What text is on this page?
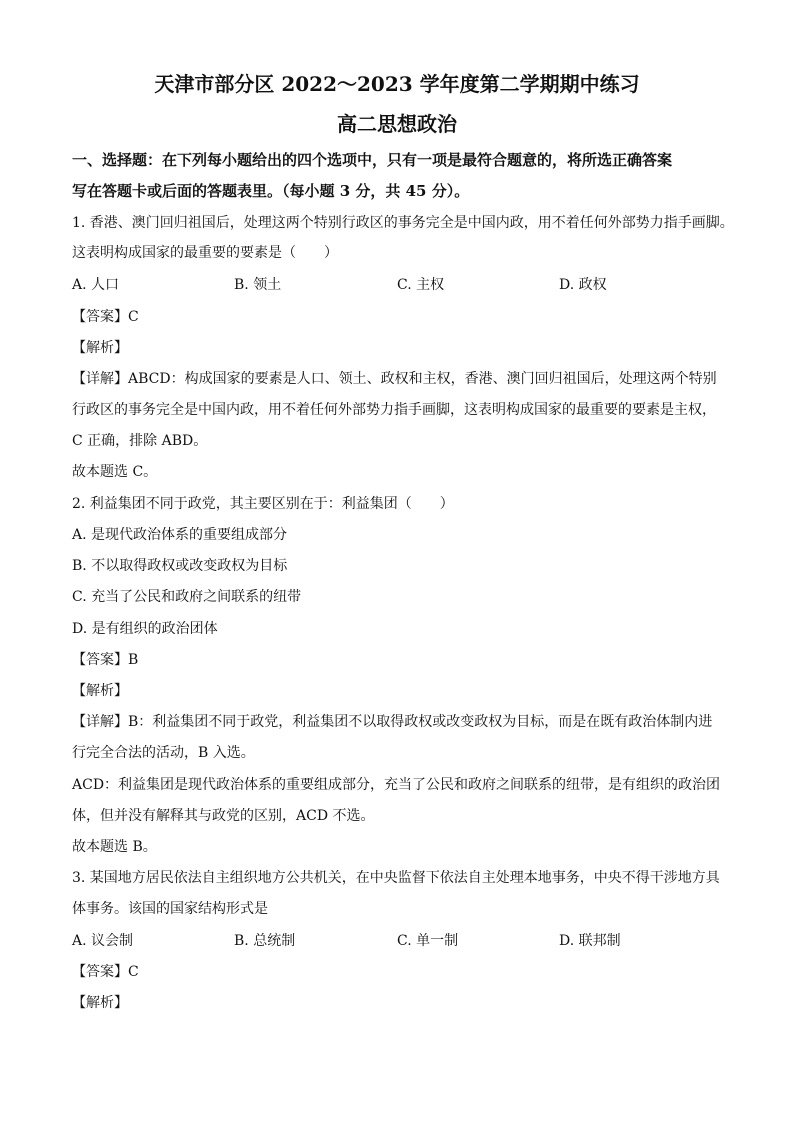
天津市部分区 2022～2023 学年度第二学期期中练习
高二思想政治
一、选择题：在下列每小题给出的四个选项中，只有一项是最符合题意的，将所选正确答案
写在答题卡或后面的答题表里。（每小题 3 分，共 45 分）。
1. 香港、澳门回归祖国后，处理这两个特别行政区的事务完全是中国内政，用不着任何外部势力指手画脚。
这表明构成国家的最重要的要素是（　　）
A. 人口	B. 领土	C. 主权	D. 政权
【答案】C
【解析】
【详解】ABCD：构成国家的要素是人口、领土、政权和主权，香港、澳门回归祖国后，处理这两个特别
行政区的事务完全是中国内政，用不着任何外部势力指手画脚，这表明构成国家的最重要的要素是主权，
C 正确，排除 ABD。
故本题选 C。
2. 利益集团不同于政党，其主要区别在于：利益集团（　　）
A. 是现代政治体系的重要组成部分
B. 不以取得政权或改变政权为目标
C. 充当了公民和政府之间联系的纽带
D. 是有组织的政治团体
【答案】B
【解析】
【详解】B：利益集团不同于政党，利益集团不以取得政权或改变政权为目标，而是在既有政治体制内进
行完全合法的活动，B 入选。
ACD：利益集团是现代政治体系的重要组成部分，充当了公民和政府之间联系的纽带，是有组织的政治团
体，但并没有解释其与政党的区别，ACD 不选。
故本题选 B。
3. 某国地方居民依法自主组织地方公共机关，在中央监督下依法自主处理本地事务，中央不得干涉地方具
体事务。该国的国家结构形式是
A. 议会制	B. 总统制	C. 单一制	D. 联邦制
【答案】C
【解析】
